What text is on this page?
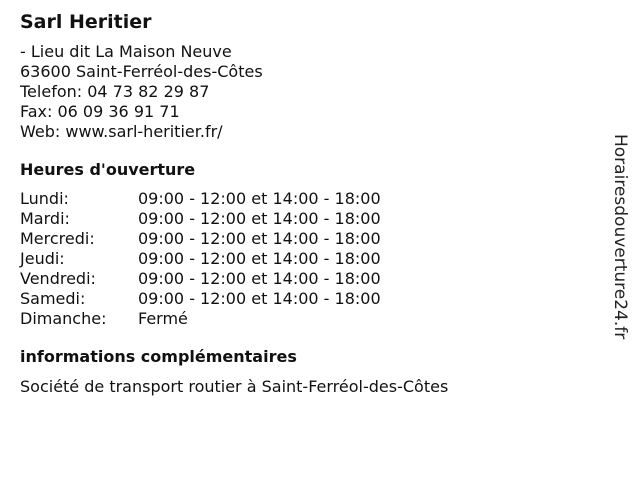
Sarl Heritier

- Lieu dit La Maison Neuve

63600 Saint-Ferréol-des-Côtes

Telefon: 04 73 82 29 87

Fax: 06 09 36 91 71

Web: www.sarl-heritier.fr/

Heures d'ouverture
Lundi:	09:00 - 12:00 et 14:00 - 18:00
Mardi:	09:00 - 12:00 et 14:00 - 18:00
Mercredi:	09:00 - 12:00 et 14:00 - 18:00
Jeudi:	09:00 - 12:00 et 14:00 - 18:00
Vendredi:	09:00 - 12:00 et 14:00 - 18:00
Samedi:	09:00 - 12:00 et 14:00 - 18:00
Dimanche:	Fermé
informations complémentaires

Société de transport routier à Saint-Ferréol-des-Côtes

Horairesdouverture24.fr
